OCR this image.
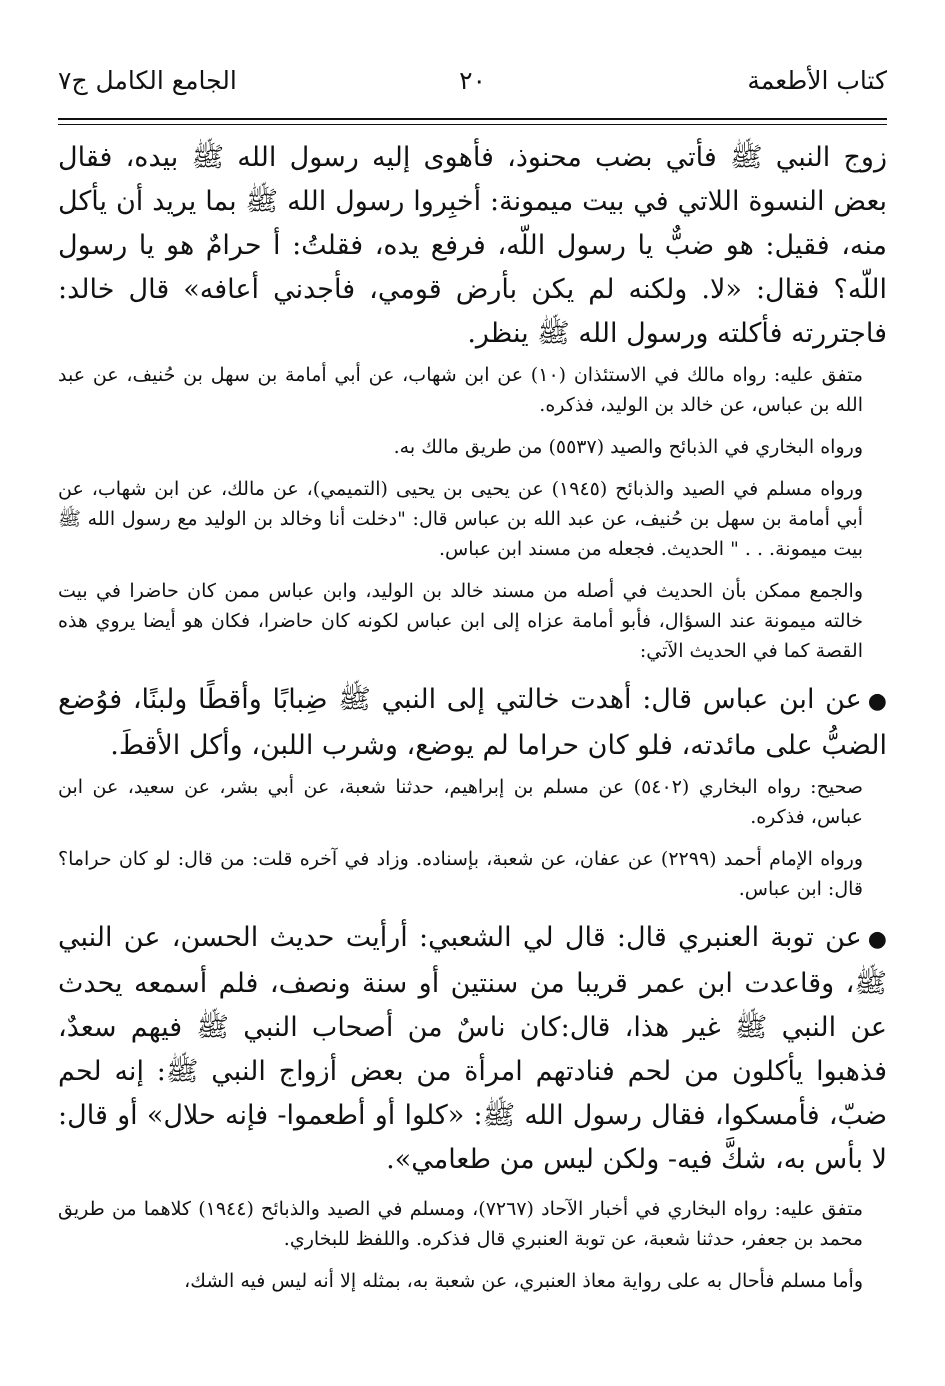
كتاب الأطعمة
٢٠
الجامع الكامل ج٧

زوج النبي ﷺ فأتي بضب محنوذ، فأهوى إليه رسول الله ﷺ بيده، فقال بعض النسوة اللاتي في بيت ميمونة: أخبِروا رسول الله ﷺ بما يريد أن يأكل منه، فقيل: هو ضبٌّ يا رسول اللّه، فرفع يده، فقلتُ: أ حرامٌ هو يا رسول اللّه؟ فقال: «لا. ولكنه لم يكن بأرض قومي، فأجدني أعافه» قال خالد: فاجتررته فأكلته ورسول الله ﷺ ينظر.

متفق عليه: رواه مالك في الاستئذان (١٠) عن ابن شهاب، عن أبي أمامة بن سهل بن حُنيف، عن عبد الله بن عباس، عن خالد بن الوليد، فذكره.

ورواه البخاري في الذبائح والصيد (٥٥٣٧) من طريق مالك به.

ورواه مسلم في الصيد والذبائح (١٩٤٥) عن يحيى بن يحيى (التميمي)، عن مالك، عن ابن شهاب، عن أبي أمامة بن سهل بن حُنيف، عن عبد الله بن عباس قال: "دخلت أنا وخالد بن الوليد مع رسول الله ﷺ بيت ميمونة. . . " الحديث. فجعله من مسند ابن عباس.

والجمع ممكن بأن الحديث في أصله من مسند خالد بن الوليد، وابن عباس ممن كان حاضرا في بيت خالته ميمونة عند السؤال، فأبو أمامة عزاه إلى ابن عباس لكونه كان حاضرا، فكان هو أيضا يروي هذه القصة كما في الحديث الآتي:

●عن ابن عباس قال: أهدت خالتي إلى النبي ﷺ ضِبابًا وأقطًا ولبنًا، فوُضع الضبُّ على مائدته، فلو كان حراما لم يوضع، وشرب اللبن، وأكل الأقطَ.

صحيح: رواه البخاري (٥٤٠٢) عن مسلم بن إبراهيم، حدثنا شعبة، عن أبي بشر، عن سعيد، عن ابن عباس، فذكره.

ورواه الإمام أحمد (٢٢٩٩) عن عفان، عن شعبة، بإسناده. وزاد في آخره قلت: من قال: لو كان حراما؟ قال: ابن عباس.

●عن توبة العنبري قال: قال لي الشعبي: أرأيت حديث الحسن، عن النبي ﷺ، وقاعدت ابن عمر قريبا من سنتين أو سنة ونصف، فلم أسمعه يحدث عن النبي ﷺ غير هذا، قال:كان ناسٌ من أصحاب النبي ﷺ فيهم سعدٌ، فذهبوا يأكلون من لحم فنادتهم امرأة من بعض أزواج النبي ﷺ: إنه لحم ضبّ، فأمسكوا، فقال رسول الله ﷺ: «كلوا أو أطعموا- فإنه حلال» أو قال: لا بأس به، شكَّ فيه- ولكن ليس من طعامي».

متفق عليه: رواه البخاري في أخبار الآحاد (٧٢٦٧)، ومسلم في الصيد والذبائح (١٩٤٤) كلاهما من طريق محمد بن جعفر، حدثنا شعبة، عن توبة العنبري قال فذكره. واللفظ للبخاري.

وأما مسلم فأحال به على رواية معاذ العنبري، عن شعبة به، بمثله إلا أنه ليس فيه الشك،
